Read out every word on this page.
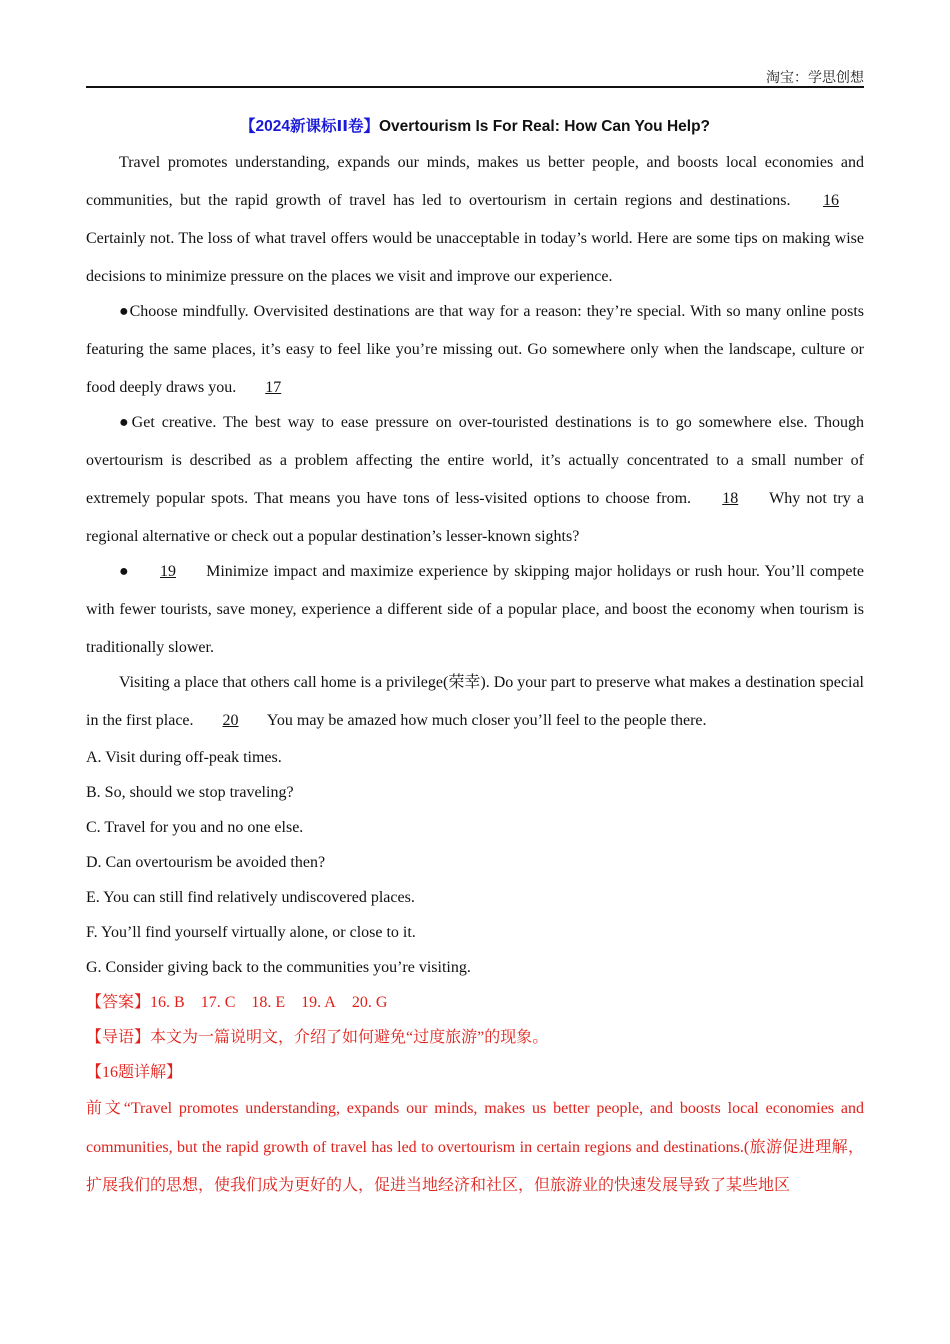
淘宝：学思创想
【2024新课标ⅠⅠ卷】Overtourism Is For Real: How Can You Help?

Travel promotes understanding, expands our minds, makes us better people, and boosts local economies and communities, but the rapid growth of travel has led to overtourism in certain regions and destinations. 16 Certainly not. The loss of what travel offers would be unacceptable in today’s world. Here are some tips on making wise decisions to minimize pressure on the places we visit and improve our experience.

●Choose mindfully. Overvisited destinations are that way for a reason: they’re special. With so many online posts featuring the same places, it’s easy to feel like you’re missing out. Go somewhere only when the landscape, culture or food deeply draws you. 17

●Get creative. The best way to ease pressure on over-touristed destinations is to go somewhere else. Though overtourism is described as a problem affecting the entire world, it’s actually concentrated to a small number of extremely popular spots. That means you have tons of less-visited options to choose from. 18 Why not try a regional alternative or check out a popular destination’s lesser-known sights?

● 19 Minimize impact and maximize experience by skipping major holidays or rush hour. You’ll compete with fewer tourists, save money, experience a different side of a popular place, and boost the economy when tourism is traditionally slower.

Visiting a place that others call home is a privilege(荣幸). Do your part to preserve what makes a destination special in the first place. 20 You may be amazed how much closer you’ll feel to the people there.

A. Visit during off-peak times.

B. So, should we stop traveling?

C. Travel for you and no one else.

D. Can overtourism be avoided then?

E. You can still find relatively undiscovered places.

F. You’ll find yourself virtually alone, or close to it.

G. Consider giving back to the communities you’re visiting.

【答案】16. B 17. C 18. E 19. A 20. G

【导语】本文为一篇说明文，介绍了如何避免“过度旅游”的现象。

【16题详解】

前文“Travel promotes understanding, expands our minds, makes us better people, and boosts local economies and communities, but the rapid growth of travel has led to overtourism in certain regions and destinations.(旅游促进理解，扩展我们的思想，使我们成为更好的人，促进当地经济和社区，但旅游业的快速发展导致了某些地区
